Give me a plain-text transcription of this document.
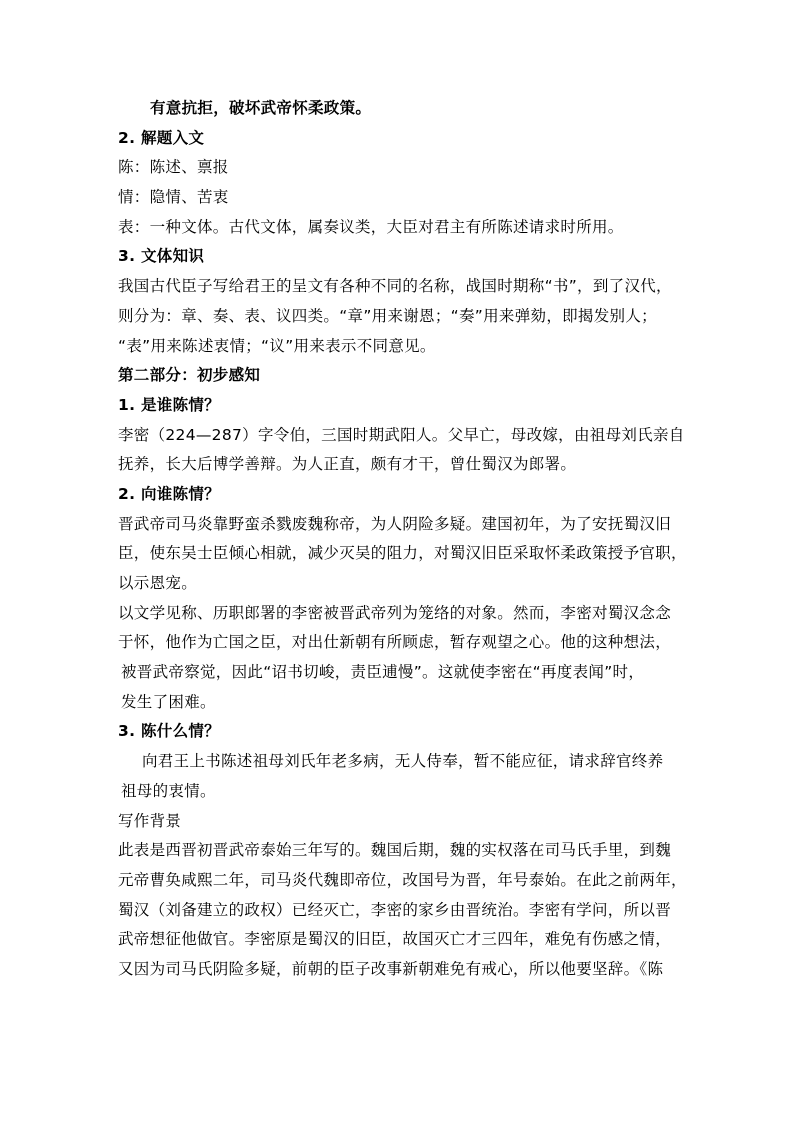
有意抗拒，破坏武帝怀柔政策。
2. 解题入文
陈：陈述、禀报
情：隐情、苦衷
表：一种文体。古代文体，属奏议类，大臣对君主有所陈述请求时所用。
3. 文体知识
我国古代臣子写给君王的呈文有各种不同的名称，战国时期称“书”，到了汉代，
则分为：章、奏、表、议四类。“章”用来谢恩；“奏”用来弹劾，即揭发别人；
“表”用来陈述衷情；“议”用来表示不同意见。
第二部分：初步感知
1. 是谁陈情？
李密（224—287）字令伯，三国时期武阳人。父早亡，母改嫁，由祖母刘氏亲自
抚养，长大后博学善辩。为人正直，颇有才干，曾仕蜀汉为郎署。
2. 向谁陈情？
晋武帝司马炎靠野蛮杀戮废魏称帝，为人阴险多疑。建国初年，为了安抚蜀汉旧
臣，使东吴士臣倾心相就，减少灭吴的阻力，对蜀汉旧臣采取怀柔政策授予官职，
以示恩宠。
以文学见称、历职郎署的李密被晋武帝列为笼络的对象。然而，李密对蜀汉念念
于怀，他作为亡国之臣，对出仕新朝有所顾虑，暂存观望之心。他的这种想法，
被晋武帝察觉，因此“诏书切峻，责臣逋慢”。这就使李密在“再度表闻”时，
发生了困难。
3. 陈什么情？
向君王上书陈述祖母刘氏年老多病，无人侍奉，暂不能应征，请求辞官终养
祖母的衷情。
写作背景
此表是西晋初晋武帝泰始三年写的。魏国后期，魏的实权落在司马氏手里，到魏
元帝曹奂咸熙二年，司马炎代魏即帝位，改国号为晋，年号泰始。在此之前两年，
蜀汉（刘备建立的政权）已经灭亡，李密的家乡由晋统治。李密有学问，所以晋
武帝想征他做官。李密原是蜀汉的旧臣，故国灭亡才三四年，难免有伤感之情，
又因为司马氏阴险多疑，前朝的臣子改事新朝难免有戒心，所以他要坚辞。《陈
